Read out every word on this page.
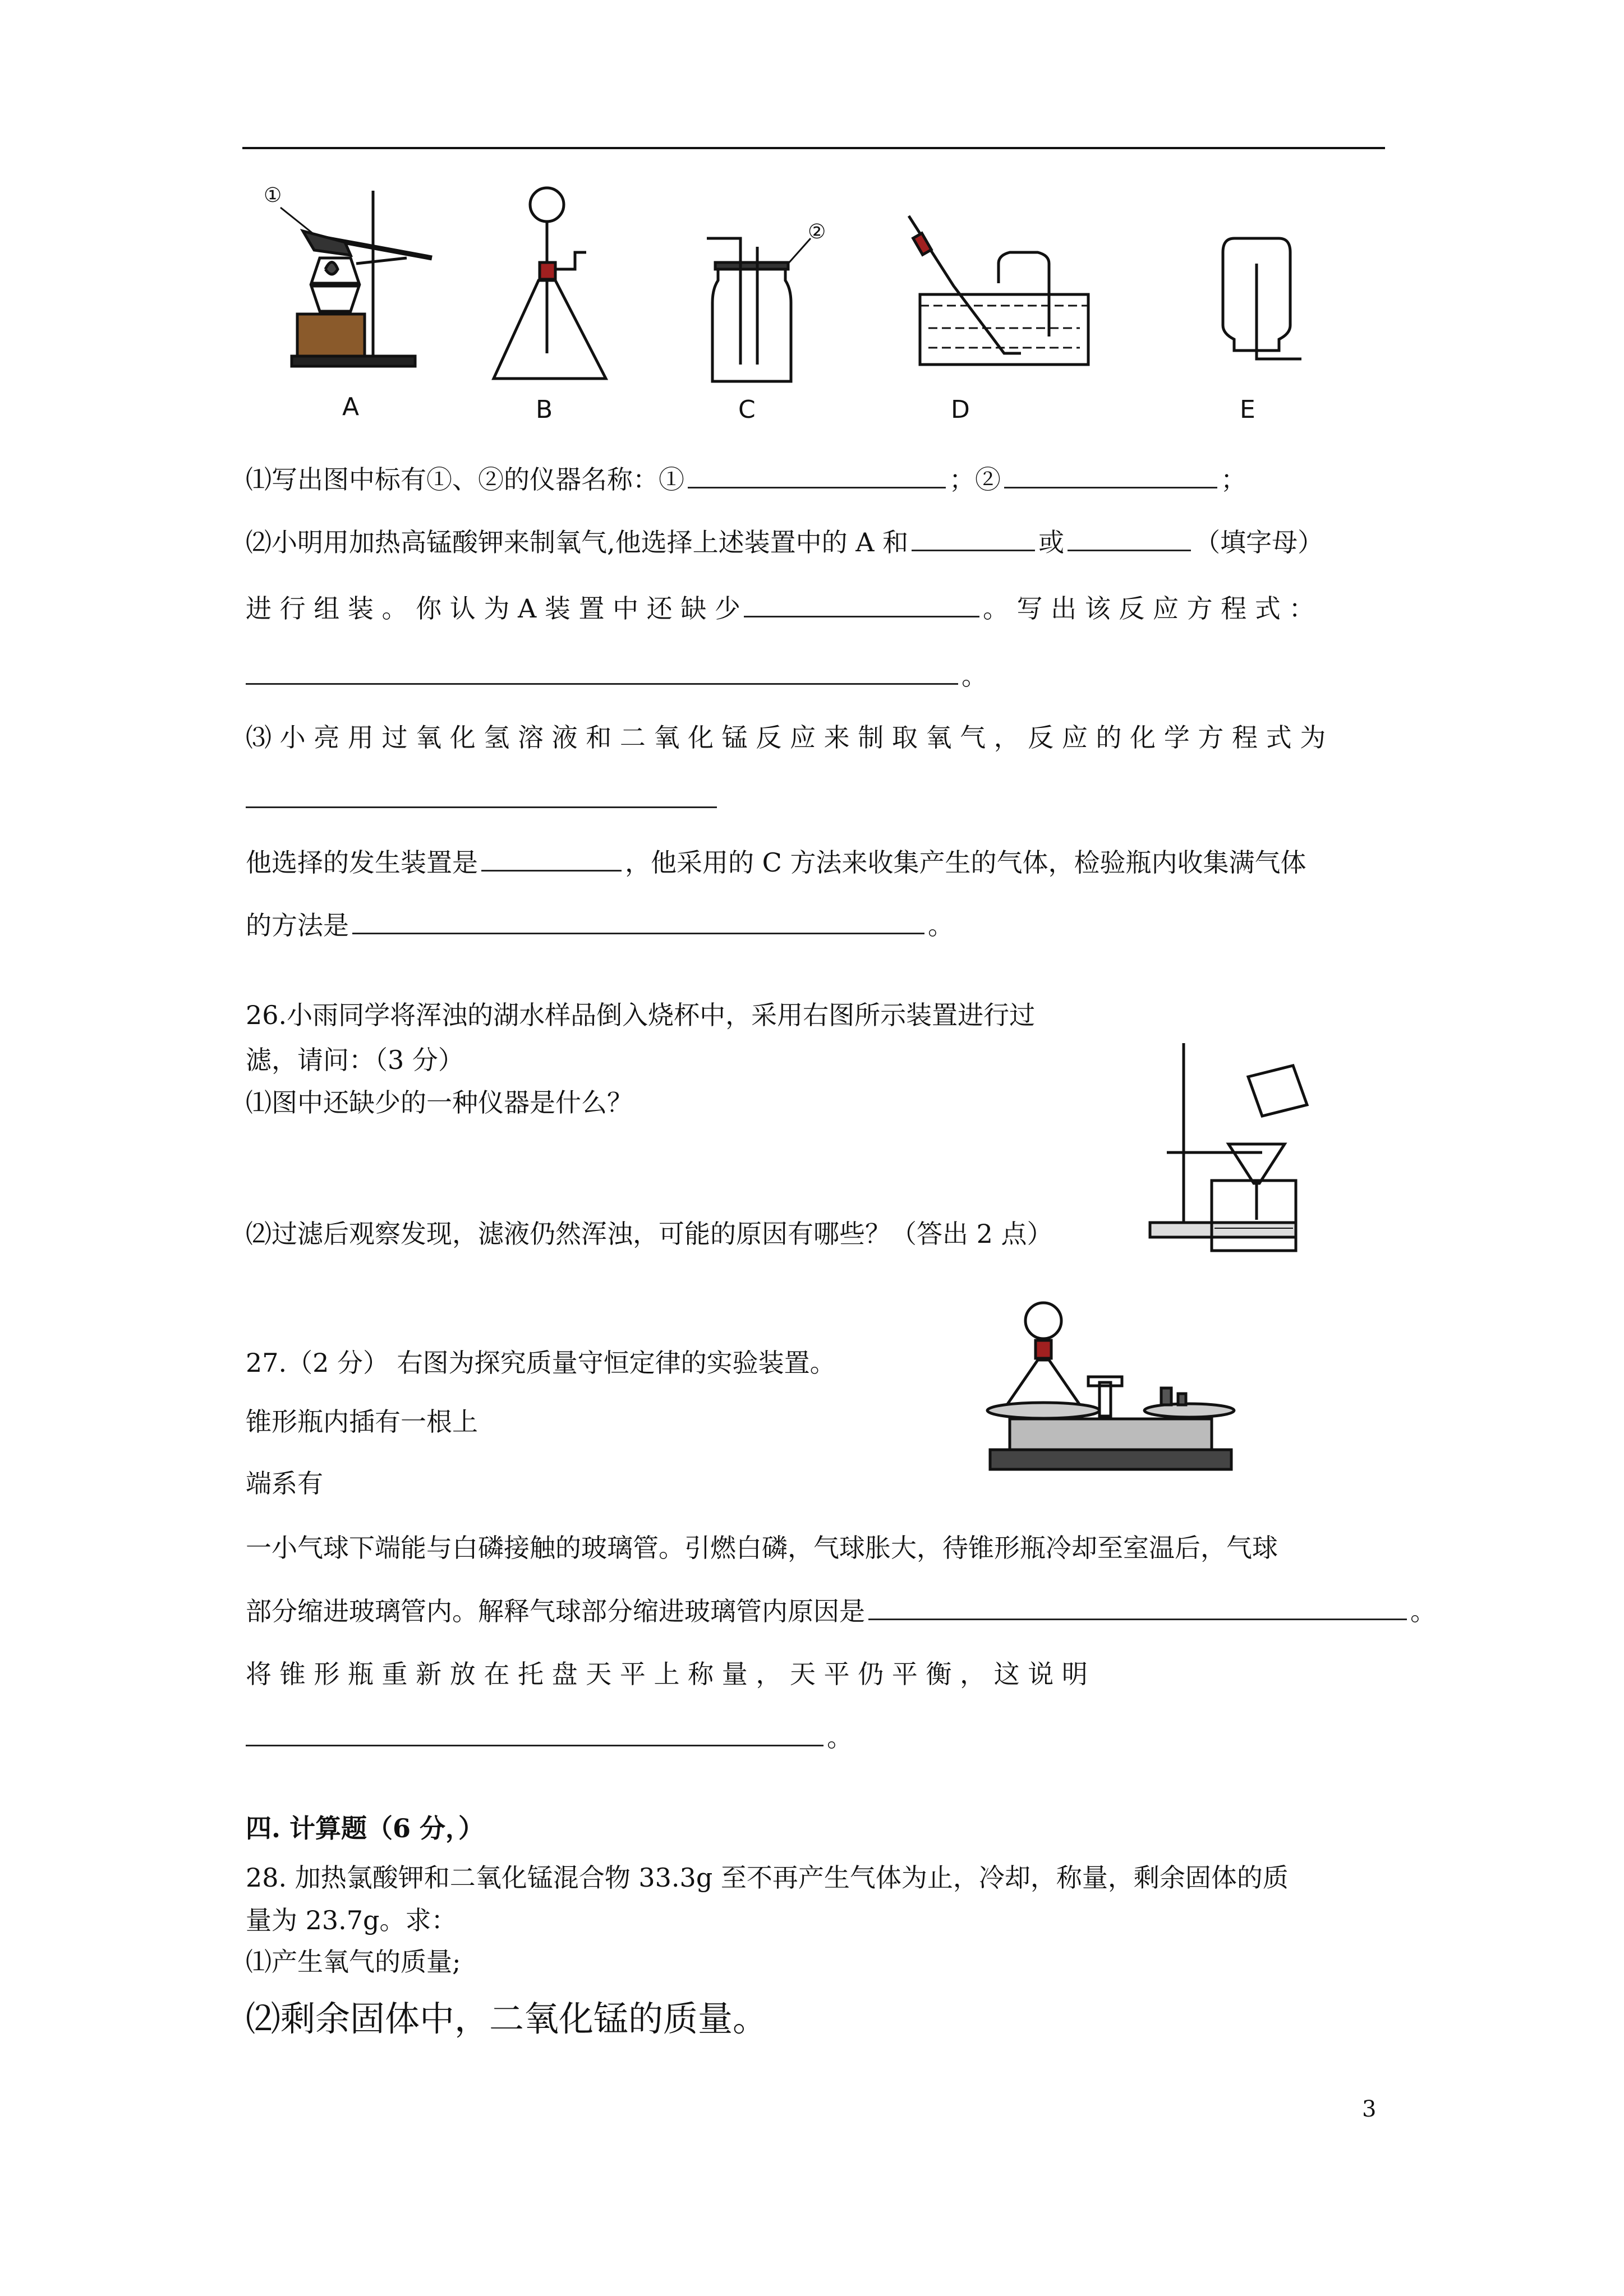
A
①
B
②
C	D	E
⑴写出图中标有①、②的仪器名称：①	；②	；
⑵小明用加热高锰酸钾来制氧气,他选择上述装置中的 A 和	或	（填字母）
进 行 组 装 。 你 认 为 A 装 置 中 还 缺 少	。 写 出 该 反 应 方 程 式 ：
。
⑶ 小 亮 用 过 氧 化 氢 溶 液 和 二 氧 化 锰 反 应 来 制 取 氧 气 ， 反 应 的 化 学 方 程 式 为
他选择的发生装置是	，他采用的 C 方法来收集产生的气体，检验瓶内收集满气体
的方法是	。
26.小雨同学将浑浊的湖水样品倒入烧杯中，采用右图所示装置进行过
滤，请问：（3 分）
⑴图中还缺少的一种仪器是什么？
⑵过滤后观察发现，滤液仍然浑浊，可能的原因有哪些？（答出 2 点）
27.（2 分） 右图为探究质量守恒定律的实验装置。
锥形瓶内插有一根上
端系有
一小气球下端能与白磷接触的玻璃管。引燃白磷，气球胀大，待锥形瓶冷却至室温后，气球
部分缩进玻璃管内。解释气球部分缩进玻璃管内原因是	。
将 锥 形 瓶 重 新 放 在 托 盘 天 平 上 称 量 ， 天 平 仍 平 衡 ， 这 说 明
。
四. 计算题（6 分，）
28. 加热氯酸钾和二氧化锰混合物 33.3g 至不再产生气体为止，冷却，称量，剩余固体的质
量为 23.7g。求：
⑴产生氧气的质量;
⑵剩余固体中，二氧化锰的质量。
3
